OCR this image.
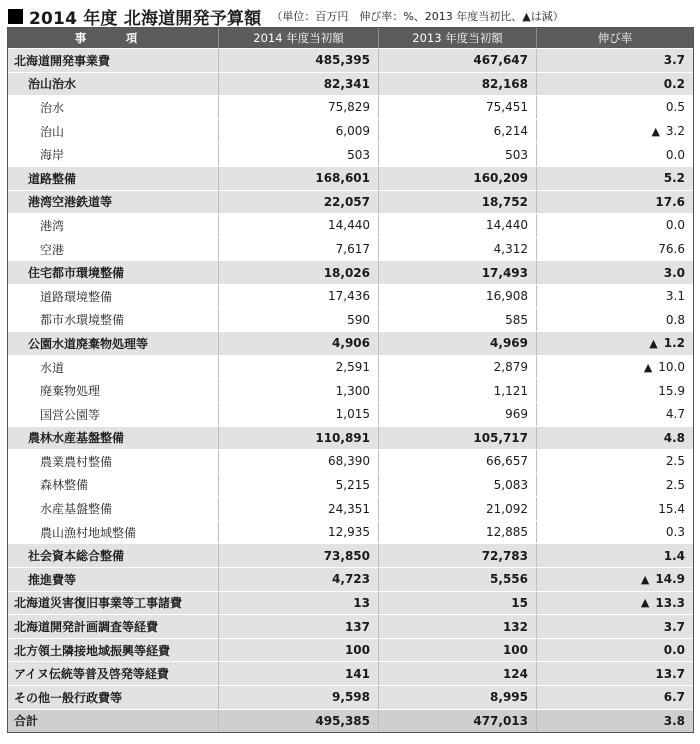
2014 年度 北海道開発予算額 （単位：百万円　伸び率：%、2013 年度当初比、▲は減）
事　項	2014 年度当初額	2013 年度当初額	伸び率
北海道開発事業費	485,395	467,647	3.7
治山治水	82,341	82,168	0.2
治水	75,829	75,451	0.5
治山	6,009	6,214	▲ 3.2
海岸	503	503	0.0
道路整備	168,601	160,209	5.2
港湾空港鉄道等	22,057	18,752	17.6
港湾	14,440	14,440	0.0
空港	7,617	4,312	76.6
住宅都市環境整備	18,026	17,493	3.0
道路環境整備	17,436	16,908	3.1
都市水環境整備	590	585	0.8
公園水道廃棄物処理等	4,906	4,969	▲ 1.2
水道	2,591	2,879	▲ 10.0
廃棄物処理	1,300	1,121	15.9
国営公園等	1,015	969	4.7
農林水産基盤整備	110,891	105,717	4.8
農業農村整備	68,390	66,657	2.5
森林整備	5,215	5,083	2.5
水産基盤整備	24,351	21,092	15.4
農山漁村地域整備	12,935	12,885	0.3
社会資本総合整備	73,850	72,783	1.4
推進費等	4,723	5,556	▲ 14.9
北海道災害復旧事業等工事諸費	13	15	▲ 13.3
北海道開発計画調査等経費	137	132	3.7
北方領土隣接地域振興等経費	100	100	0.0
アイヌ伝統等普及啓発等経費	141	124	13.7
その他一般行政費等	9,598	8,995	6.7
合計	495,385	477,013	3.8
